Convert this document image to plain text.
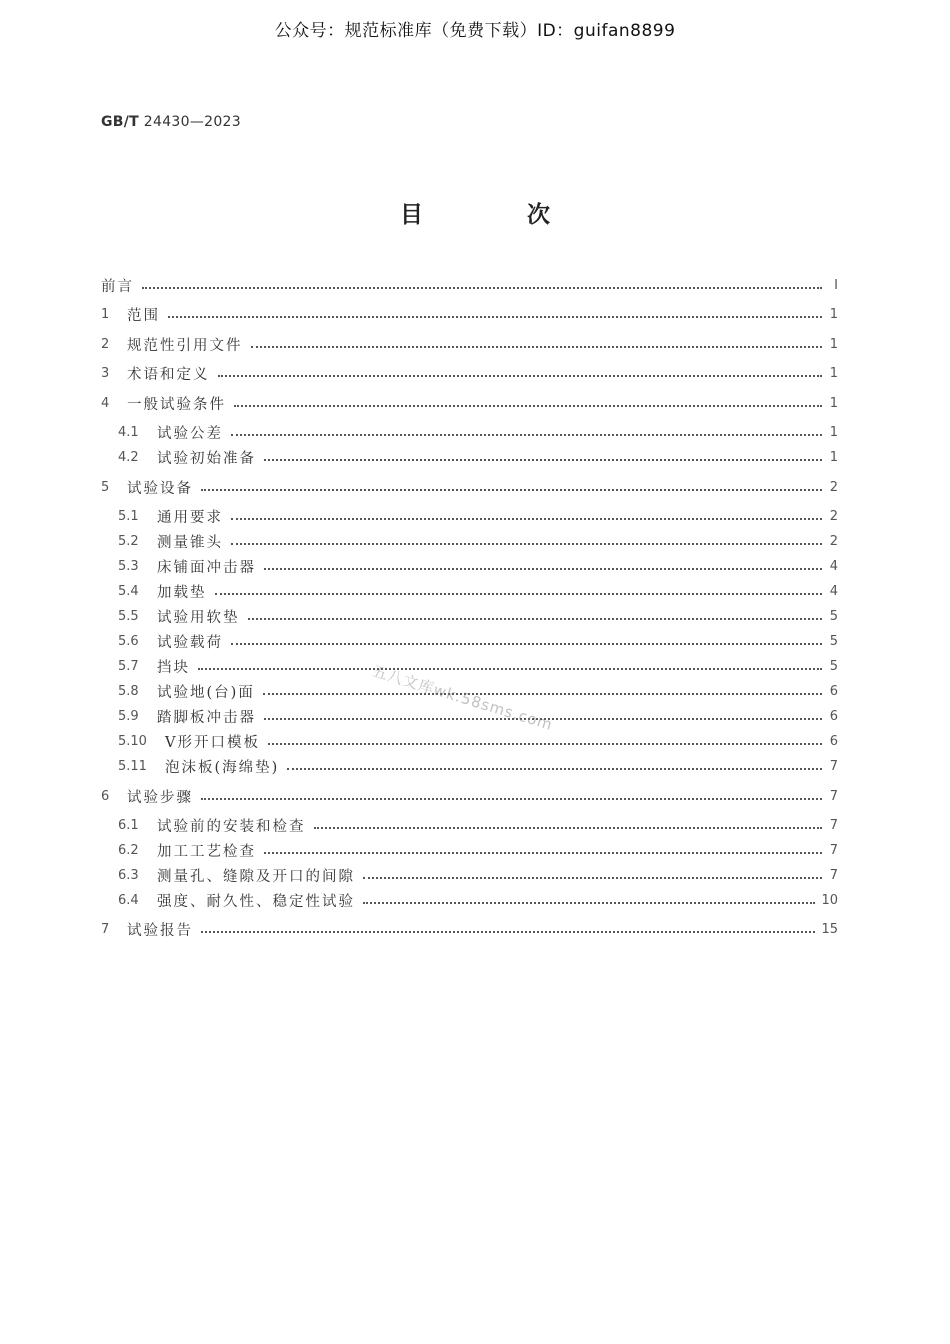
公众号：规范标准库（免费下载）ID：guifan8899
GB/T 24430—2023
目 次
前言	Ⅰ
1	范围	1
2	规范性引用文件	1
3	术语和定义	1
4	一般试验条件	1
4.1	试验公差	1
4.2	试验初始准备	1
5	试验设备	2
5.1	通用要求	2
5.2	测量锥头	2
5.3	床铺面冲击器	4
5.4	加载垫	4
5.5	试验用软垫	5
5.6	试验载荷	5
5.7	挡块	5
5.8	试验地(台)面	6
5.9	踏脚板冲击器	6
5.10	V形开口模板	6
5.11	泡沫板(海绵垫)	7
6	试验步骤	7
6.1	试验前的安装和检查	7
6.2	加工工艺检查	7
6.3	测量孔、缝隙及开口的间隙	7
6.4	强度、耐久性、稳定性试验	10
7	试验报告	15
五八文库wk.58sms.com
